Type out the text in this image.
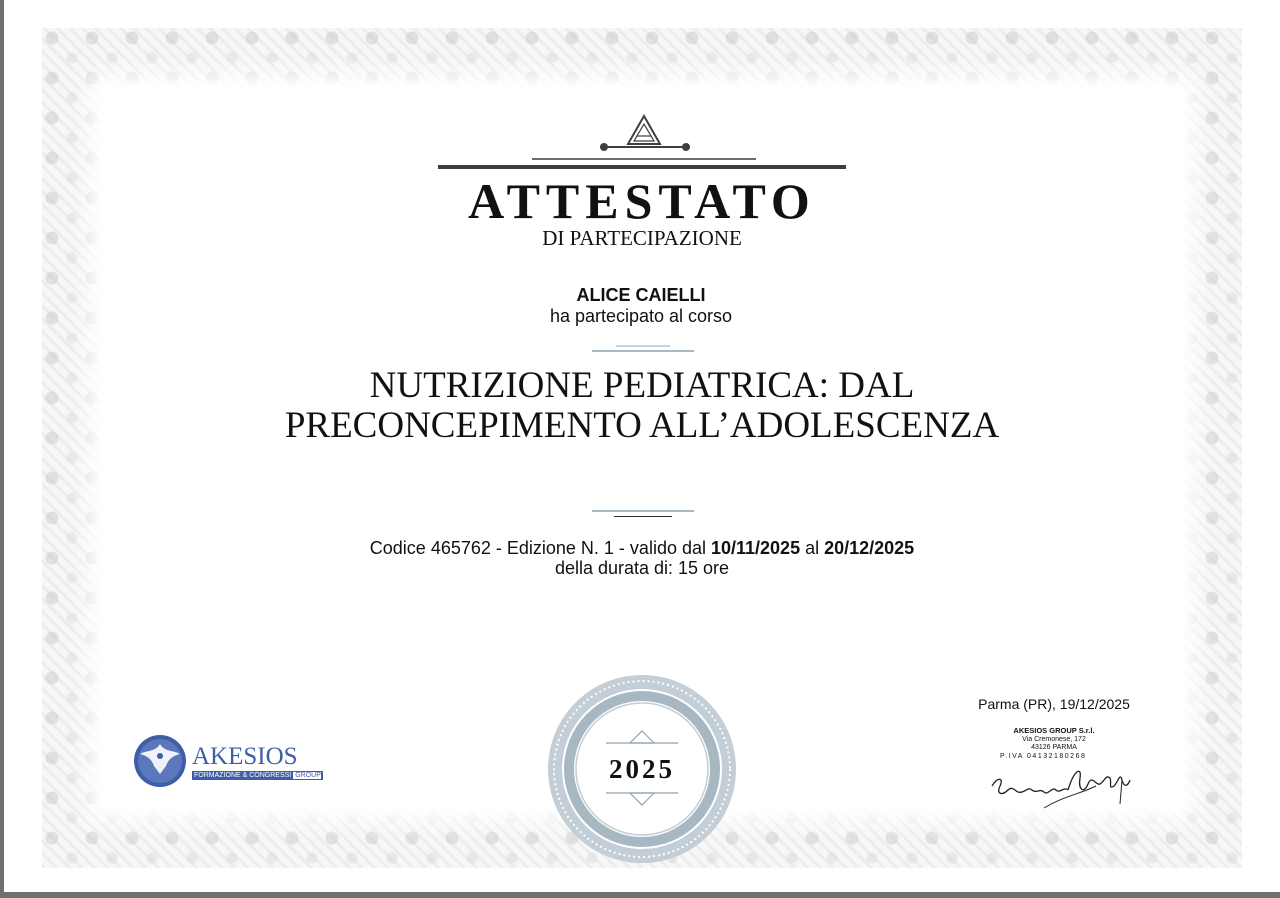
ATTESTATO
DI PARTECIPAZIONE
ALICE CAIELLI
ha partecipato al corso
NUTRIZIONE PEDIATRICA: DAL
PRECONCEPIMENTO ALL’ADOLESCENZA
Codice 465762 - Edizione N. 1 - valido dal 10/11/2025 al 20/12/2025
della durata di: 15 ore
2025
AKESIOS
FORMAZIONE & CONGRESSI GROUP
Parma (PR), 19/12/2025
AKESIOS GROUP S.r.l.
Via Cremonese, 172
43126 PARMA
P.IVA 04132180268
